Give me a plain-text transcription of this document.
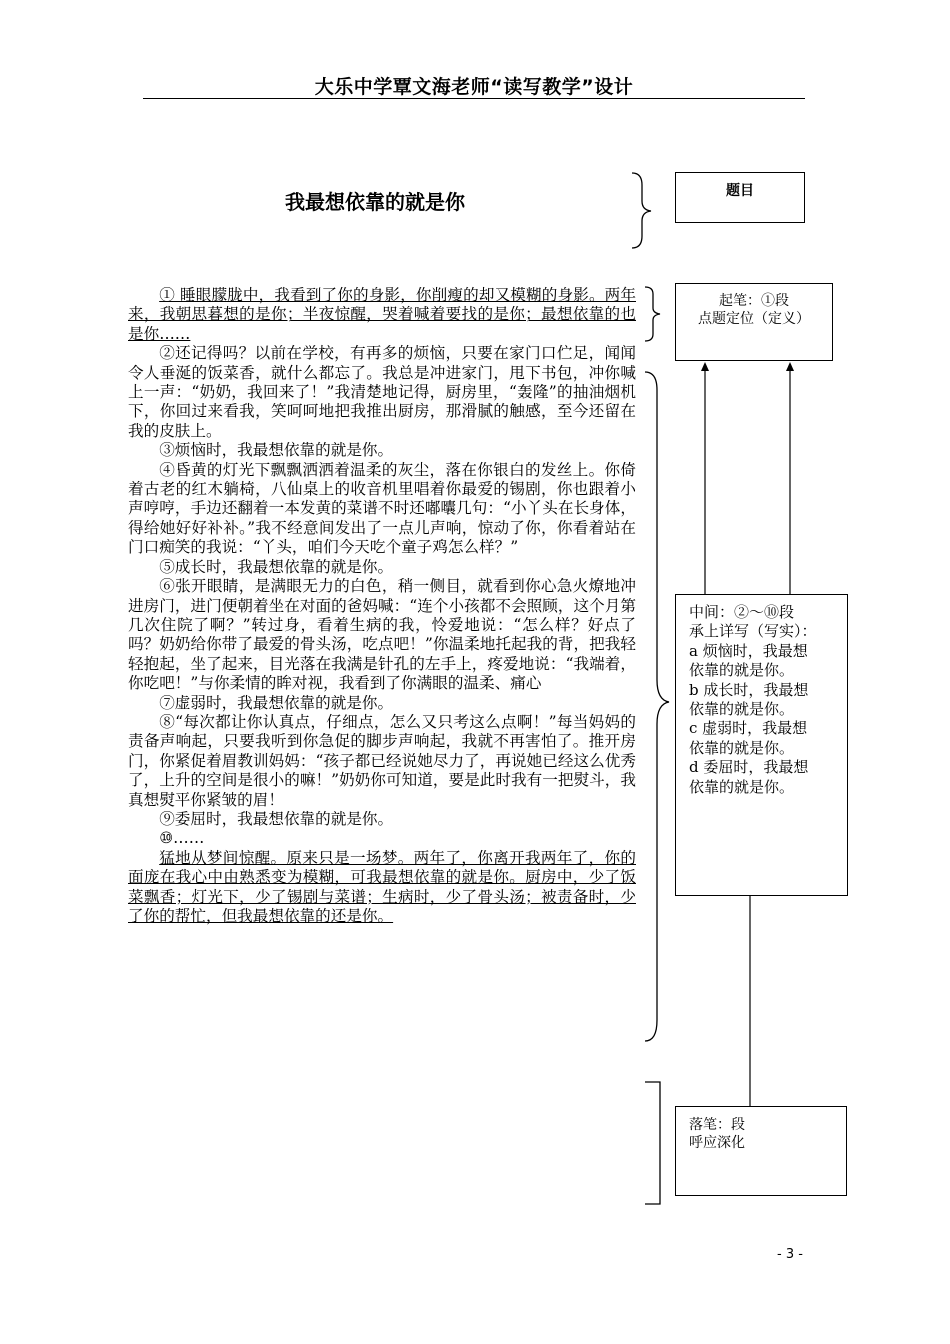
大乐中学覃文海老师“读写教学”设计
我最想依靠的就是你

① 睡眼朦胧中，我看到了你的身影，你削瘦的却又模糊的身影。两年来，我朝思暮想的是你；半夜惊醒，哭着喊着要找的是你；最想依靠的也是你……

②还记得吗？以前在学校，有再多的烦恼，只要在家门口伫足，闻闻令人垂涎的饭菜香，就什么都忘了。我总是冲进家门，甩下书包，冲你喊上一声：“奶奶，我回来了！”我清楚地记得，厨房里，“轰隆”的抽油烟机下，你回过来看我，笑呵呵地把我推出厨房，那滑腻的触感，至今还留在我的皮肤上。

③烦恼时，我最想依靠的就是你。

④昏黄的灯光下飘飘洒洒着温柔的灰尘，落在你银白的发丝上。你倚着古老的红木躺椅，八仙桌上的收音机里唱着你最爱的锡剧，你也跟着小声哼哼，手边还翻着一本发黄的菜谱不时还嘟囔几句：“小丫头在长身体，得给她好好补补。”我不经意间发出了一点儿声响，惊动了你，你看着站在门口痴笑的我说：“丫头，咱们今天吃个童子鸡怎么样？”

⑤成长时，我最想依靠的就是你。

⑥张开眼睛，是满眼无力的白色，稍一侧目，就看到你心急火燎地冲进房门，进门便朝着坐在对面的爸妈喊：“连个小孩都不会照顾，这个月第几次住院了啊？”转过身，看着生病的我，怜爱地说：“怎么样？好点了吗？奶奶给你带了最爱的骨头汤，吃点吧！”你温柔地托起我的背，把我轻轻抱起，坐了起来，目光落在我满是针孔的左手上，疼爱地说：“我端着，你吃吧！”与你柔情的眸对视，我看到了你满眼的温柔、痛心

⑦虚弱时，我最想依靠的就是你。

⑧“每次都让你认真点，仔细点，怎么又只考这么点啊！”每当妈妈的责备声响起，只要我听到你急促的脚步声响起，我就不再害怕了。推开房门，你紧促着眉教训妈妈：“孩子都已经说她尽力了，再说她已经这么优秀了，上升的空间是很小的嘛！”奶奶你可知道，要是此时我有一把熨斗，我真想熨平你紧皱的眉！

⑨委屈时，我最想依靠的就是你。

⑩……

猛地从梦间惊醒。原来只是一场梦。两年了，你离开我两年了，你的面庞在我心中由熟悉变为模糊，可我最想依靠的就是你。厨房中，少了饭菜飘香；灯光下，少了锡剧与菜谱；生病时，少了骨头汤；被责备时，少了你的帮忙，但我最想依靠的还是你。

题目
起笔：①段
点题定位（定义）
中间：②～⑩段
承上详写（写实）：
a 烦恼时，我最想
依靠的就是你。
b 成长时，我最想
依靠的就是你。
c 虚弱时，我最想
依靠的就是你。
d 委屈时，我最想
依靠的就是你。
落笔：段
呼应深化
- 3 -
